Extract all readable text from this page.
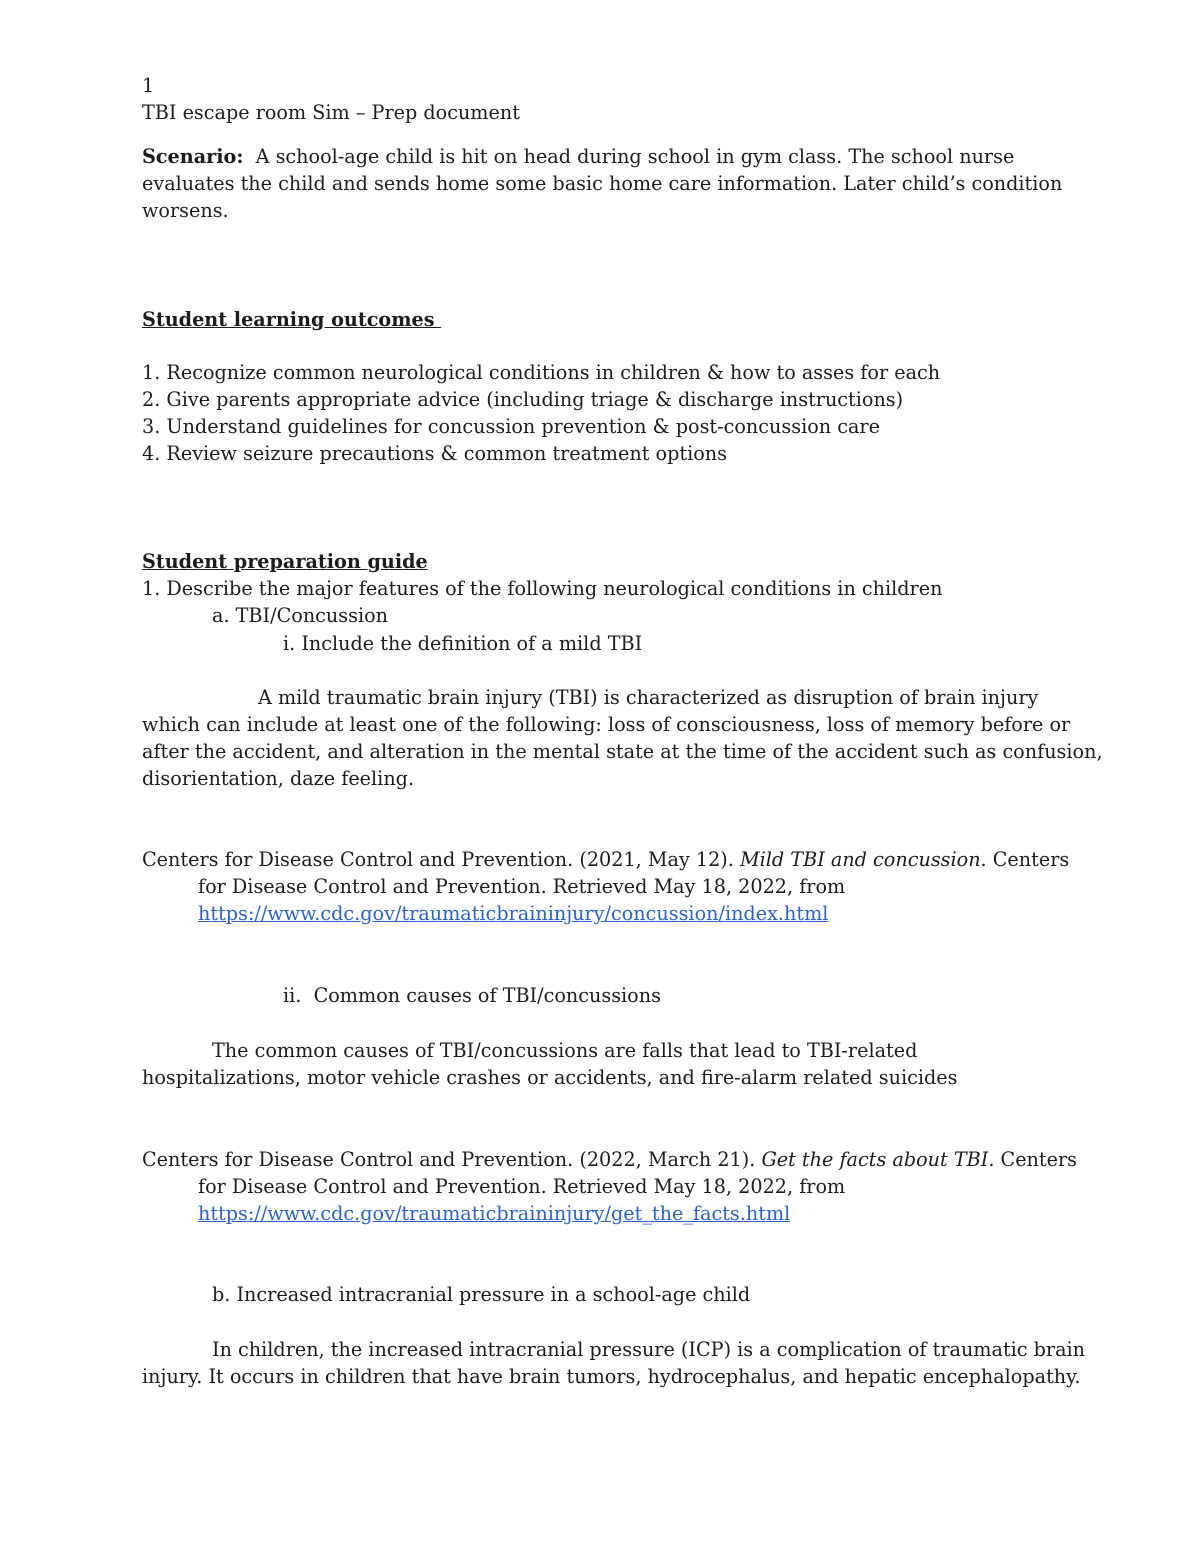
1
TBI escape room Sim – Prep document
Scenario: A school-age child is hit on head during school in gym class. The school nurse
evaluates the child and sends home some basic home care information. Later child’s condition
worsens.
Student learning outcomes
1. Recognize common neurological conditions in children & how to asses for each
2. Give parents appropriate advice (including triage & discharge instructions)
3. Understand guidelines for concussion prevention & post-concussion care
4. Review seizure precautions & common treatment options
Student preparation guide
1. Describe the major features of the following neurological conditions in children
a. TBI/Concussion
i. Include the definition of a mild TBI
A mild traumatic brain injury (TBI) is characterized as disruption of brain injury
which can include at least one of the following: loss of consciousness, loss of memory before or
after the accident, and alteration in the mental state at the time of the accident such as confusion,
disorientation, daze feeling.
Centers for Disease Control and Prevention. (2021, May 12). Mild TBI and concussion. Centers
for Disease Control and Prevention. Retrieved May 18, 2022, from
https://www.cdc.gov/traumaticbraininjury/concussion/index.html
ii.  Common causes of TBI/concussions
The common causes of TBI/concussions are falls that lead to TBI-related
hospitalizations, motor vehicle crashes or accidents, and fire-alarm related suicides
Centers for Disease Control and Prevention. (2022, March 21). Get the facts about TBI. Centers
for Disease Control and Prevention. Retrieved May 18, 2022, from
https://www.cdc.gov/traumaticbraininjury/get_the_facts.html
b. Increased intracranial pressure in a school-age child
In children, the increased intracranial pressure (ICP) is a complication of traumatic brain
injury. It occurs in children that have brain tumors, hydrocephalus, and hepatic encephalopathy.
